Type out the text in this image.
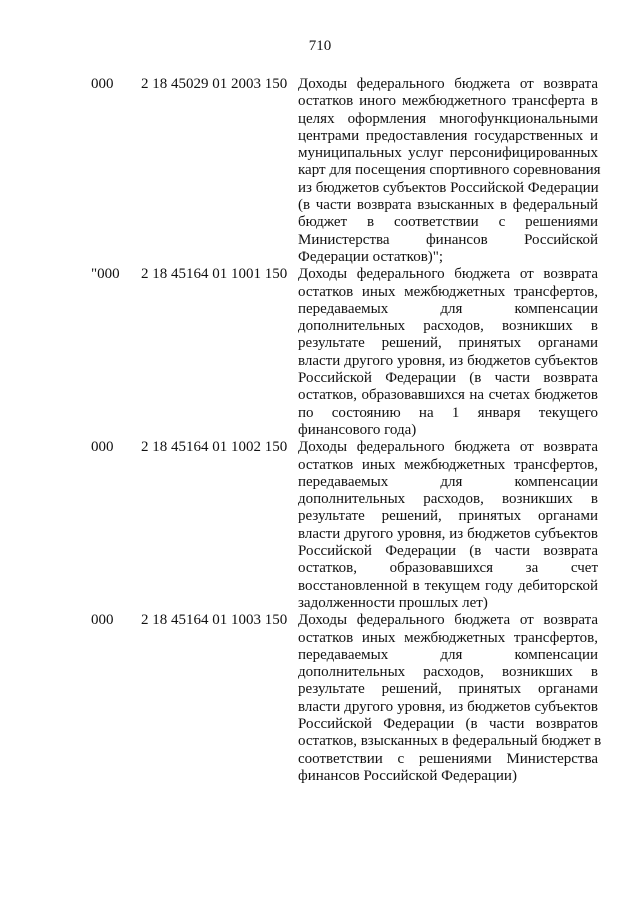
710
000 2 18 45029 01 2003 150 Доходы федерального бюджета от возврата
остатков иного межбюджетного трансферта в
целях оформления многофункциональными
центрами предоставления государственных и
муниципальных услуг персонифицированных
карт для посещения спортивного соревнования
из бюджетов субъектов Российской Федерации
(в части возврата взысканных в федеральный
бюджет в соответствии с решениями
Министерства финансов Российской
Федерации остатков)";
"000 2 18 45164 01 1001 150 Доходы федерального бюджета от возврата
остатков иных межбюджетных трансфертов,
передаваемых для компенсации
дополнительных расходов, возникших в
результате решений, принятых органами
власти другого уровня, из бюджетов субъектов
Российской Федерации (в части возврата
остатков, образовавшихся на счетах бюджетов
по состоянию на 1 января текущего
финансового года)
000 2 18 45164 01 1002 150 Доходы федерального бюджета от возврата
остатков иных межбюджетных трансфертов,
передаваемых для компенсации
дополнительных расходов, возникших в
результате решений, принятых органами
власти другого уровня, из бюджетов субъектов
Российской Федерации (в части возврата
остатков, образовавшихся за счет
восстановленной в текущем году дебиторской
задолженности прошлых лет)
000 2 18 45164 01 1003 150 Доходы федерального бюджета от возврата
остатков иных межбюджетных трансфертов,
передаваемых для компенсации
дополнительных расходов, возникших в
результате решений, принятых органами
власти другого уровня, из бюджетов субъектов
Российской Федерации (в части возвратов
остатков, взысканных в федеральный бюджет в
соответствии с решениями Министерства
финансов Российской Федерации)
